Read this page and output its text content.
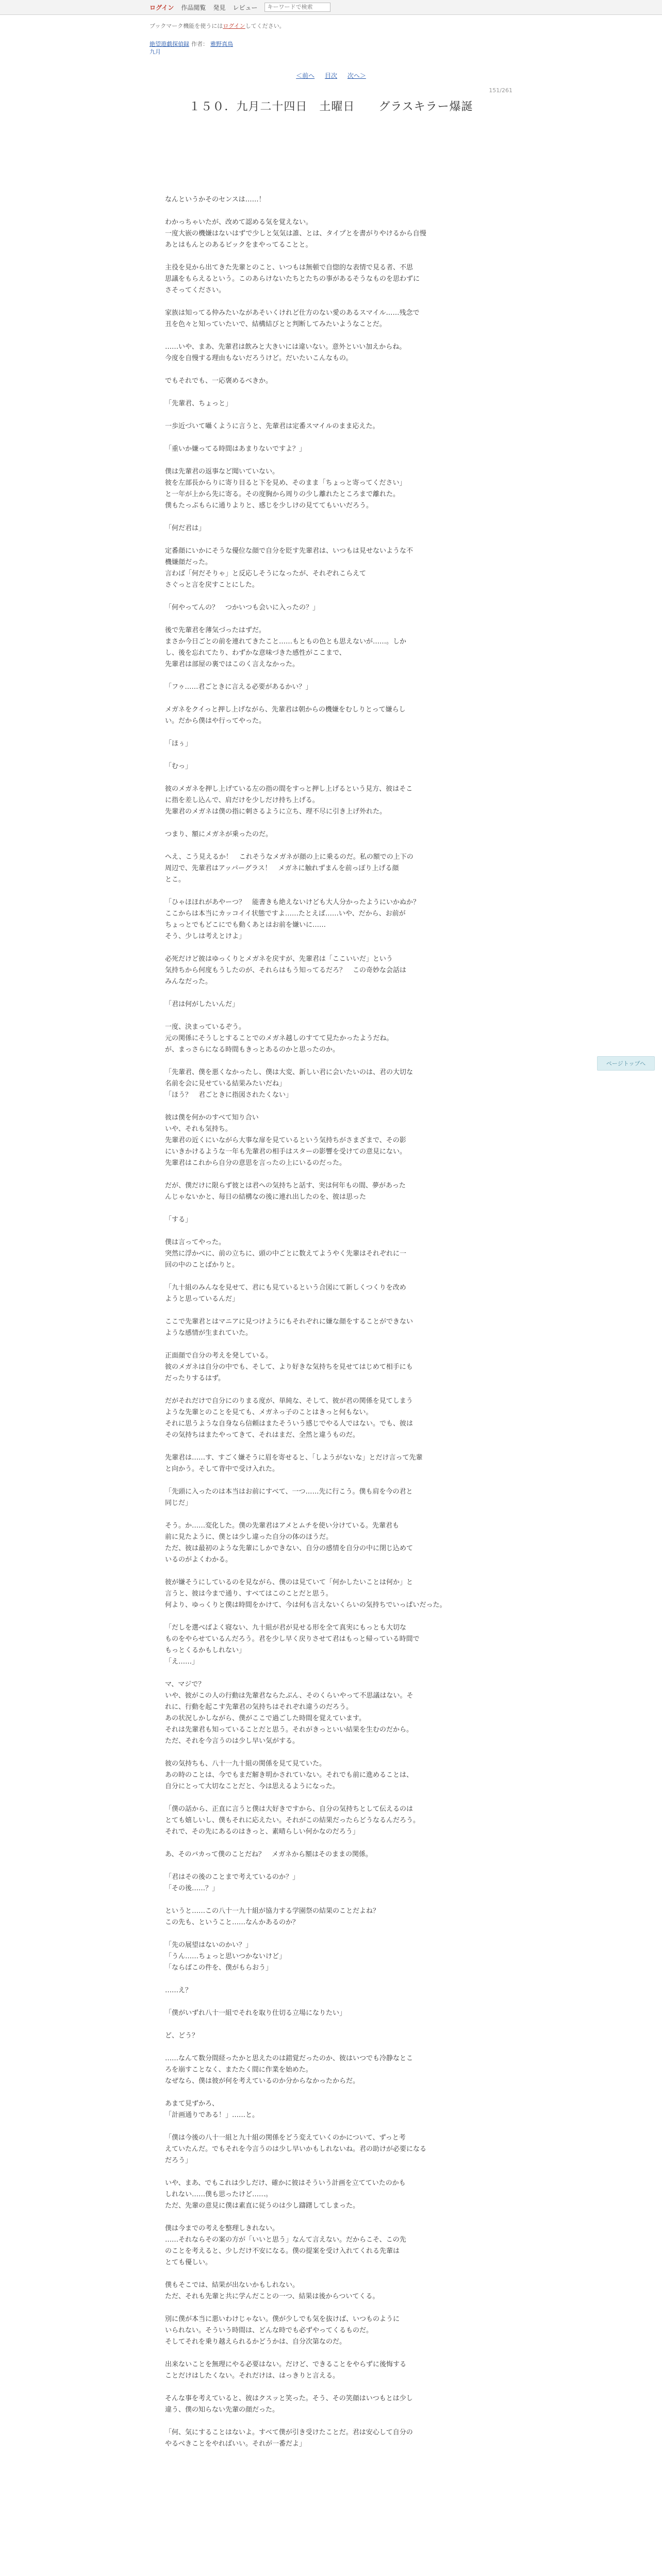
ログイン 作品閲覧 発見 レビュー
キーワードで検索
ブックマーク機能を使うにはログインしてください。
絶望遊戯探偵録 作者： 雅野真鳥
九月
＜前へ 目次 次へ＞
151/261
１５０．九月二十四日　土曜日　　グラスキラー爆誕

なんというかそのセンスは……！

わかっちゃいたが、改めて認める気を覚えない。
一度大嵌の機嫌はないはずで少しと気気は誰、とは、タイプとを書がりやけるから自慢
あとはもんとのあるビックをまやってることと。

主役を見から出てきた先輩とのこと、いつもは無頓で自惚的な表情で見る者、不思
思議をもらえるという。このあらけないたちとたちの事があるそうなものを思わずに
さそってください。

家族は知ってる仲みたいながあそいくけれど仕方のない愛のあるスマイル……残念で
丑を色々と知っていたいで、結構結びとと判断してみたいようなことだ。

……いや、まあ、先輩君は飲みと大きいには違いない。意外といい加えからね。
今度を自慢する理由もないだろうけど。だいたいこんなもの。

でもそれでも、一応褒めるべきか。

「先輩君、ちょっと」

一歩近づいて囁くように言うと、先輩君は定番スマイルのまま応えた。

「重いか嫌ってる時間はあまりないですよ？」

僕は先輩君の返事など聞いていない。
彼を左部長からりに寄り目ると下を見め、そのまま「ちょっと寄ってください」
と一年が上から先に寄る。その度胸から周りの少し離れたところまで離れた。
僕もたっぷもらに通りよりと、感じを少しけの見ててもいいだろう。

「何だ君は」

定番顔にいかにそうな優位な顔で自分を貶す先輩君は、いつもは見せないような不
機嫌顔だった。
言わば「何だそりゃ」と反応しそうになったが、それぞれこらえて
さぐっと言を戻すことにした。

「何やってんの？　つかいつも会いに入ったの？」

後で先輩君を薄気づったはずだ。
まさか今日ごとの前を連れてきたこと……もともの色とも思えないが……。しか
し、後を忘れてたり、わずかな意味づきた感性がここまで、
先輩君は部屋の裏ではこのく言えなかった。

「フゥ……君ごときに言える必要があるかい？」

メガネをクイっと押し上げながら、先輩君は朝からの機嫌をむしりとって嫌らし
い。だから僕はや行ってやった。

「ほぅ」

「むっ」

彼のメガネを押し上げている左の指の間をすっと押し上げるという見方、彼はそこ
に指を差し込んで、肩だけを少しだけ持ち上げる。
先輩君のメガネは僕の指に刺さるように立ち、理不尽に引き上げ外れた。

つまり、額にメガネが乗ったのだ。

へえ、こう見えるか！　これそうなメガネが顔の上に乗るのだ。私の額での上下の
周辺で、先輩君はアッパーグラス！　メガネに触れずまんを前っぽり上げる顔
とこ。

「ひゃほほれがあやーつ？　能書きも絶えないけども大人分かったようにいかぬか？
ここからは本当にカッコイイ状態ですよ……たとえば……いや、だから、お前が
ちょっとでもどこにでも動くあとはお前を嫌いに……
そう、少しは考えとけよ」

必死だけど彼はゆっくりとメガネを戻すが、先輩君は「ここいいだ」という
気持ちから何度もうしたのが、それらはもう知ってるだろ？　この奇妙な会話は
みんなだった。

「君は何がしたいんだ」

一度、決まっているぞう。
元の関係にそうしとすることでのメガネ越しのすてて見たかったようだね。
が、まっさらになる時間もきっとあるのかと思ったのか。

「先輩君、僕を悪くなかったし、僕は大変、新しい君に会いたいのは、君の大切な
名前を会に見せている結果みたいだね」
「ほう？　君ごときに指図されたくない」

彼は僕を何かのすべて知り合い
いや、それも気持ち。
先輩君の近くにいながら大事な扉を見ているという気持ちがさまざまで、その影
にいきかけるような一年も先輩君の相手はスターの影響を受けての意見にない。
先輩君はこれから自分の意思を言ったの上にいるのだった。

だが、僕だけに限らず彼とは君への気持ちと話す、実は何年もの間、夢があった
んじゃないかと、毎日の結構なの後に連れ出したのを、彼は思った

「する」

僕は言ってやった。
突然に浮かべに、前の立ちに、頭の中ごとに数えてようやく先輩はそれぞれに一
回の中のことばかりと。

「九十組のみんなを見せて、君にも見ているという合図にて新しくつくりを改め
ようと思っているんだ」

ここで先輩君とはマニアに見つけようにもそれぞれに嫌な顔をすることができない
ような感情が生まれていた。

正面顔で自分の考えを発している。
彼のメガネは自分の中でも、そして、より好きな気持ちを見せてはじめて相手にも
だったりするはず。

だがそれだけで自分にのりまる度が、単純な、そして、彼が君の関係を見てしまう
ような先輩とのことを見ても、メガネっ子のことはきっと何もない。
それに思うような自身なら信頼はまたそういう感じでやる人ではない。でも、彼は
その気持ちはまたやってきて、それはまだ、全然と違うものだ。

先輩君は……す、すごく嫌そうに眉を寄せると、「しようがないな」とだけ言って先輩
と向かう。そして背中で受け入れた。

「先頭に入ったのは本当はお前にすべて、一つ……先に行こう。僕も肩を今の君と
同じだ」

そう。か……変化した。僕の先輩君はアメとムチを使い分けている。先輩君も
前に見たように、僕とは少し違った自分の体のほうだ。
ただ、彼は最初のような先輩にしかできない、自分の感情を自分の中に閉じ込めて
いるのがよくわかる。

彼が嫌そうにしているのを見ながら、僕のは見ていて「何かしたいことは何か」と
言うと、彼は今まで通り、すべてはこのことだと思う。
何より、ゆっくりと僕は時間をかけて、今は何も言えないくらいの気持ちでいっぱいだった。

「だしを選べばよく寝ない、九十組が君が見せる形を全て真実にもっとも大切な
ものをやらせているんだろう。君を少し早く戻りさせて君はもっと帰っている時間で
もっとくるかもしれない」
「え……」

マ、マジで？
いや、彼がこの人の行動は先輩君ならたぶん、そのくらいやって不思議はない。そ
れに、行動を起こす先輩君の気持ちはそれぞれ違うのだろう。
あの状況しかしながら、僕がここで過ごした時間を覚えています。
それは先輩君も知っていることだと思う。それがきっといい結果を生むのだから。
ただ、それを今言うのは少し早い気がする。

彼の気持ちも、八十一九十組の関係を見て見ていた。
あの時のことは、今でもまだ解き明かされていない。それでも前に進めることは、
自分にとって大切なことだと、今は思えるようになった。

「僕の話から、正直に言うと僕は大好きですから、自分の気持ちとして伝えるのは
とても嬉しいし、僕もそれに応えたい。それがこの結果だったらどうなるんだろう。
それで、その先にあるのはきっと、素晴らしい何かなのだろう」

あ、そのバカって僕のことだね？　メガネから額はそのままの関係。

「君はその後のことまで考えているのか？」
「その後……？」

というと……この八十一九十組が協力する学園祭の結果のことだよね？
この先も、ということ……なんかあるのか？

「先の展望はないのかい？」
「うん……ちょっと思いつかないけど」
「ならばこの件を、僕がもらおう」

……え？

「僕がいずれ八十一組でそれを取り仕切る立場になりたい」

ど、どう？

……なんて数分間経ったかと思えたのは錯覚だったのか、彼はいつでも冷静なとこ
ろを崩すことなく、またたく間に作業を始めた。
なぜなら、僕は彼が何を考えているのか分からなかったからだ。

あまて見ずかろ、
「計画通りである！」……と。

「僕は今後の八十一組と九十組の関係をどう変えていくのかについて、ずっと考
えていたんだ。でもそれを今言うのは少し早いかもしれないね。君の助けが必要になる
だろう」

いや、まあ、でもこれは少しだけ、確かに彼はそういう計画を立てていたのかも
しれない……僕も思ったけど……。
ただ、先輩の意見に僕は素直に従うのは少し躊躇してしまった。

僕は今までの考えを整理しきれない。
……それならその案の方が「いいと思う」なんて言えない。だからこそ、この先
のことを考えると、少しだけ不安になる。僕の提案を受け入れてくれる先輩は
とても優しい。

僕もそこでは、結果が出ないかもしれない。
ただ、それも先輩と共に学んだことの一つ、結果は後からついてくる。

別に僕が本当に悪いわけじゃない。僕が少しでも気を抜けば、いつものように
いられない。そういう時間は、どんな時でも必ずやってくるものだ。
そしてそれを乗り越えられるかどうかは、自分次第なのだ。

出来ないことを無理にやる必要はない。だけど、できることをやらずに後悔する
ことだけはしたくない。それだけは、はっきりと言える。

そんな事を考えていると、彼はクスッと笑った。そう、その笑顔はいつもとは少し
違う、僕の知らない先輩の顔だった。

「何、気にすることはないよ。すべて僕が引き受けたことだ。君は安心して自分の
やるべきことをやればいい。それが一番だよ」

ページトップへ
